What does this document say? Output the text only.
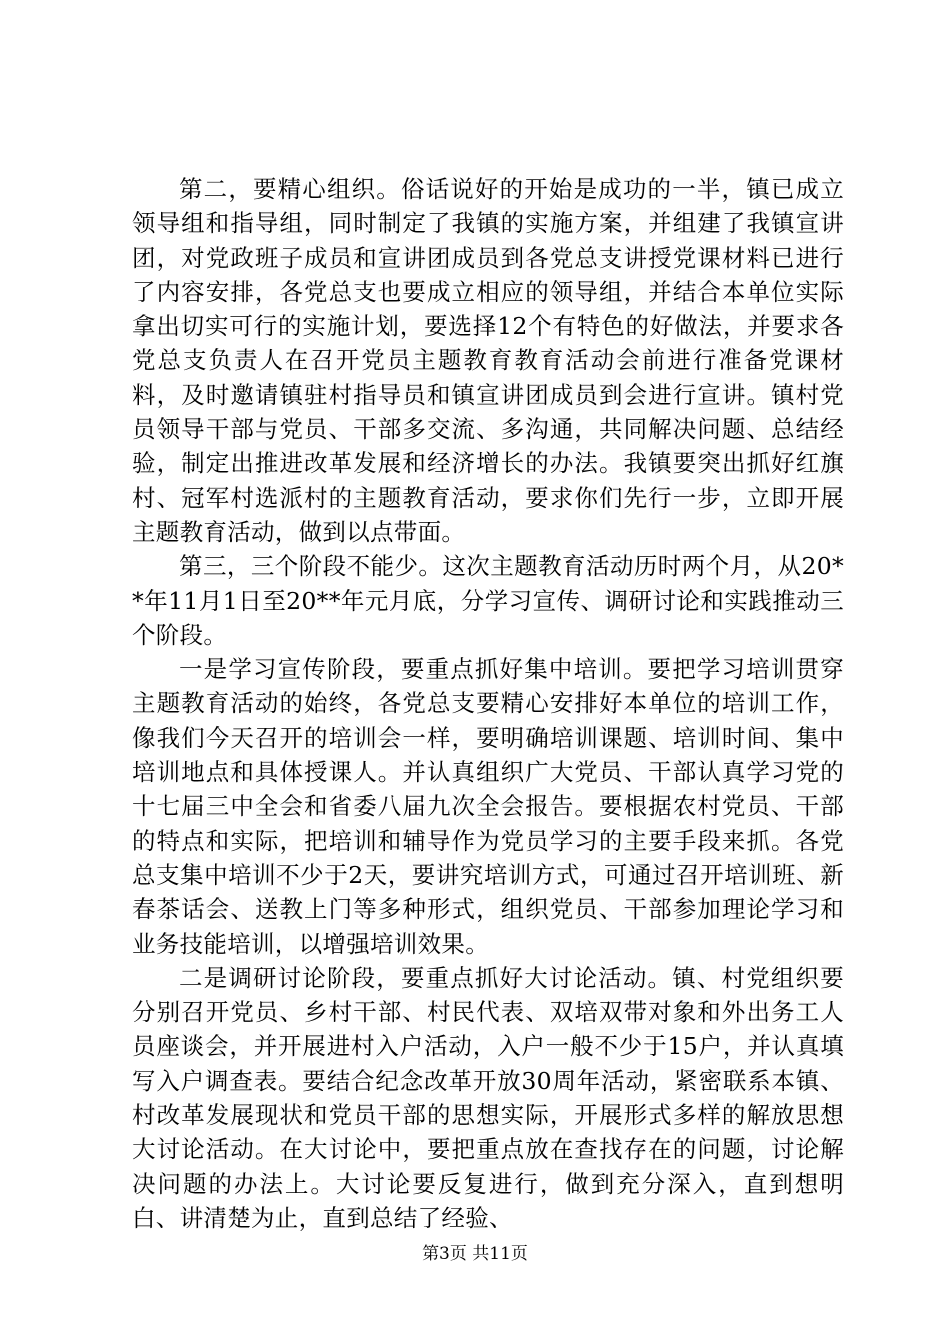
第二，要精心组织。俗话说好的开始是成功的一半，镇已成立领导组和指导组，同时制定了我镇的实施方案，并组建了我镇宣讲团，对党政班子成员和宣讲团成员到各党总支讲授党课材料已进行了内容安排，各党总支也要成立相应的领导组，并结合本单位实际拿出切实可行的实施计划，要选择12个有特色的好做法，并要求各党总支负责人在召开党员主题教育教育活动会前进行准备党课材料，及时邀请镇驻村指导员和镇宣讲团成员到会进行宣讲。镇村党员领导干部与党员、干部多交流、多沟通，共同解决问题、总结经验，制定出推进改革发展和经济增长的办法。我镇要突出抓好红旗村、冠军村选派村的主题教育活动，要求你们先行一步，立即开展主题教育活动，做到以点带面。

第三，三个阶段不能少。这次主题教育活动历时两个月，从20**年11月1日至20**年元月底，分学习宣传、调研讨论和实践推动三个阶段。

一是学习宣传阶段，要重点抓好集中培训。要把学习培训贯穿主题教育活动的始终，各党总支要精心安排好本单位的培训工作，像我们今天召开的培训会一样，要明确培训课题、培训时间、集中培训地点和具体授课人。并认真组织广大党员、干部认真学习党的十七届三中全会和省委八届九次全会报告。要根据农村党员、干部的特点和实际，把培训和辅导作为党员学习的主要手段来抓。各党总支集中培训不少于2天，要讲究培训方式，可通过召开培训班、新春茶话会、送教上门等多种形式，组织党员、干部参加理论学习和业务技能培训，以增强培训效果。

二是调研讨论阶段，要重点抓好大讨论活动。镇、村党组织要分别召开党员、乡村干部、村民代表、双培双带对象和外出务工人员座谈会，并开展进村入户活动，入户一般不少于15户，并认真填写入户调查表。要结合纪念改革开放30周年活动，紧密联系本镇、村改革发展现状和党员干部的思想实际，开展形式多样的解放思想大讨论活动。在大讨论中，要把重点放在查找存在的问题，讨论解决问题的办法上。大讨论要反复进行，做到充分深入，直到想明白、讲清楚为止，直到总结了经验、

第3页 共11页
